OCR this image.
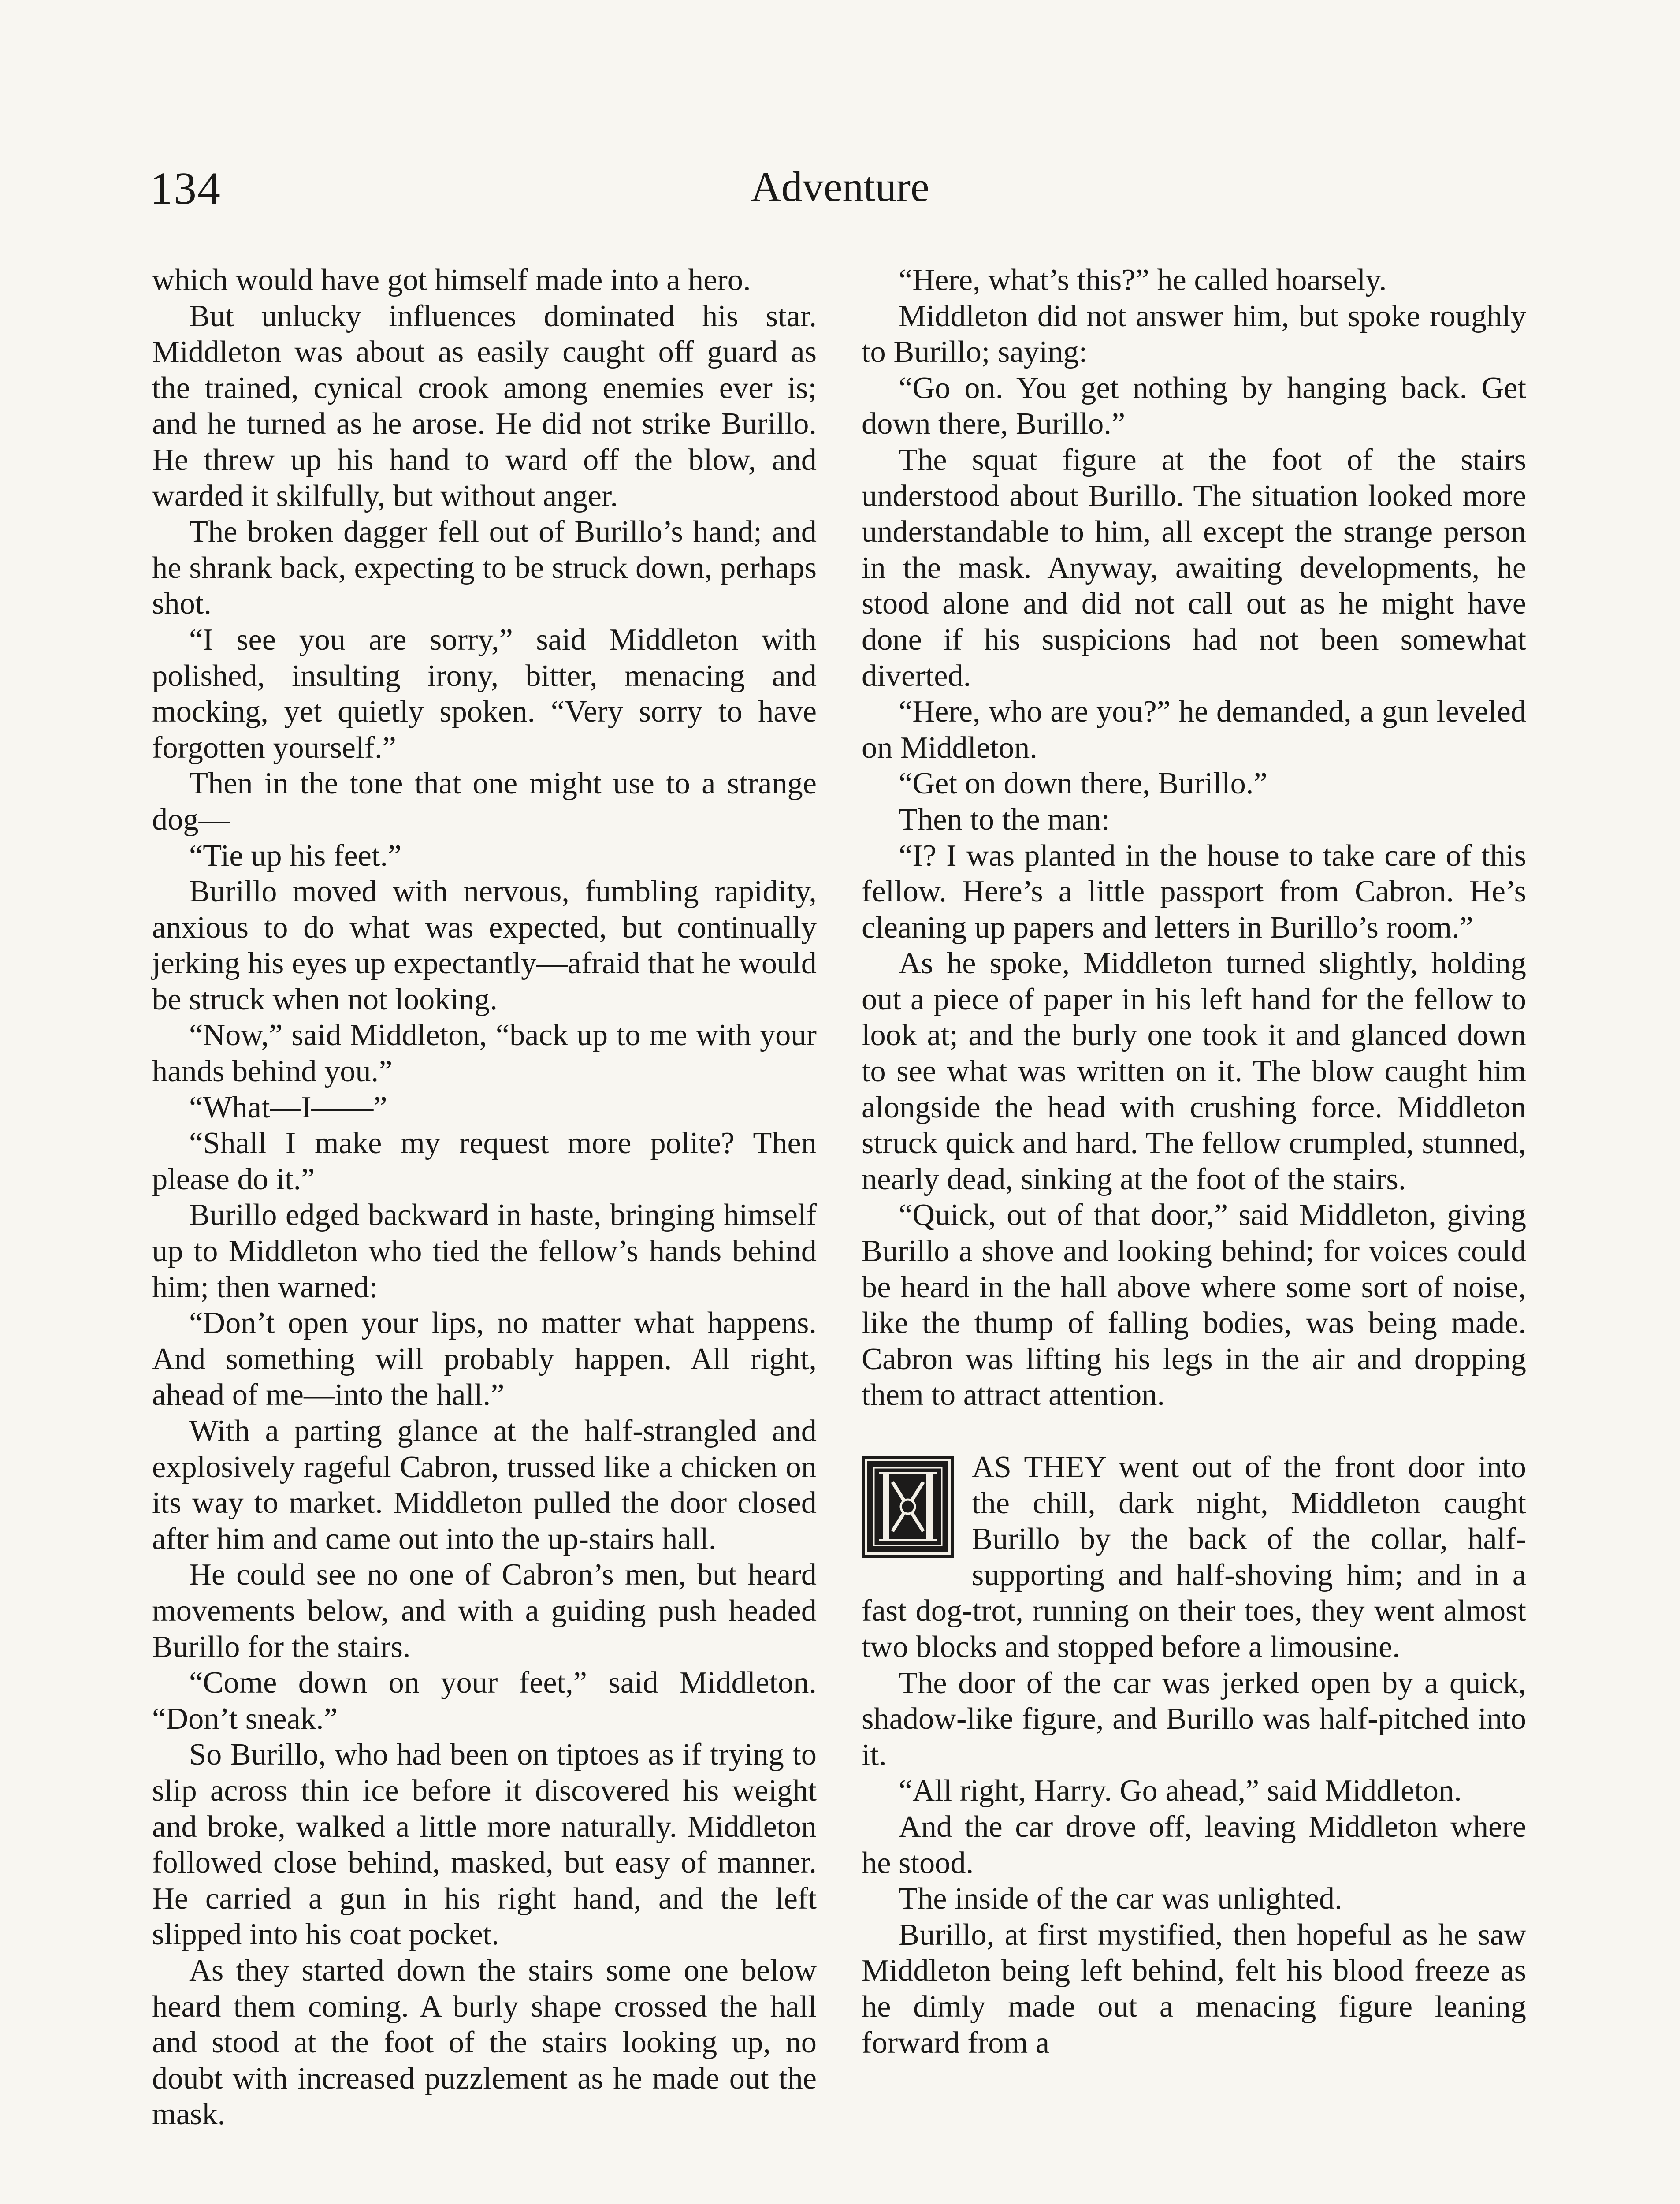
134	Adventure

which would have got himself made into a hero.

But unlucky influences dominated his star. Middleton was about as easily caught off guard as the trained, cynical crook among enemies ever is; and he turned as he arose. He did not strike Burillo. He threw up his hand to ward off the blow, and warded it skilfully, but without anger.

The broken dagger fell out of Burillo’s hand; and he shrank back, expecting to be struck down, perhaps shot.

“I see you are sorry,” said Middleton with polished, insulting irony, bitter, menacing and mocking, yet quietly spoken. “Very sorry to have forgotten yourself.”

Then in the tone that one might use to a strange dog—

“Tie up his feet.”

Burillo moved with nervous, fumbling rapidity, anxious to do what was expected, but continually jerking his eyes up expectantly—afraid that he would be struck when not looking.

“Now,” said Middleton, “back up to me with your hands behind you.”

“What—I——”

“Shall I make my request more polite? Then please do it.”

Burillo edged backward in haste, bringing himself up to Middleton who tied the fellow’s hands behind him; then warned:

“Don’t open your lips, no matter what happens. And something will probably happen. All right, ahead of me—into the hall.”

With a parting glance at the half-strangled and explosively rageful Cabron, trussed like a chicken on its way to market. Middleton pulled the door closed after him and came out into the up-stairs hall.

He could see no one of Cabron’s men, but heard movements below, and with a guiding push headed Burillo for the stairs.

“Come down on your feet,” said Middleton. “Don’t sneak.”

So Burillo, who had been on tiptoes as if trying to slip across thin ice before it discovered his weight and broke, walked a little more naturally. Middleton followed close behind, masked, but easy of manner. He carried a gun in his right hand, and the left slipped into his coat pocket.

As they started down the stairs some one below heard them coming. A burly shape crossed the hall and stood at the foot of the stairs looking up, no doubt with increased puzzlement as he made out the mask.

“Here, what’s this?” he called hoarsely.

Middleton did not answer him, but spoke roughly to Burillo; saying:

“Go on. You get nothing by hanging back. Get down there, Burillo.”

The squat figure at the foot of the stairs understood about Burillo. The situation looked more understandable to him, all except the strange person in the mask. Anyway, awaiting developments, he stood alone and did not call out as he might have done if his suspicions had not been somewhat diverted.

“Here, who are you?” he demanded, a gun leveled on Middleton.

“Get on down there, Burillo.”

Then to the man:

“I? I was planted in the house to take care of this fellow. Here’s a little passport from Cabron. He’s cleaning up papers and letters in Burillo’s room.”

As he spoke, Middleton turned slightly, holding out a piece of paper in his left hand for the fellow to look at; and the burly one took it and glanced down to see what was written on it. The blow caught him alongside the head with crushing force. Middleton struck quick and hard. The fellow crumpled, stunned, nearly dead, sinking at the foot of the stairs.

“Quick, out of that door,” said Middleton, giving Burillo a shove and looking behind; for voices could be heard in the hall above where some sort of noise, like the thump of falling bodies, was being made. Cabron was lifting his legs in the air and dropping them to attract attention.

AS THEY went out of the front door into the chill, dark night, Middleton caught Burillo by the back of the collar, half-supporting and half-shoving him; and in a fast dog-trot, running on their toes, they went almost two blocks and stopped before a limousine.

The door of the car was jerked open by a quick, shadow-like figure, and Burillo was half-pitched into it.

“All right, Harry. Go ahead,” said Middleton.

And the car drove off, leaving Middleton where he stood.

The inside of the car was unlighted.

Burillo, at first mystified, then hopeful as he saw Middleton being left behind, felt his blood freeze as he dimly made out a menacing figure leaning forward from a
